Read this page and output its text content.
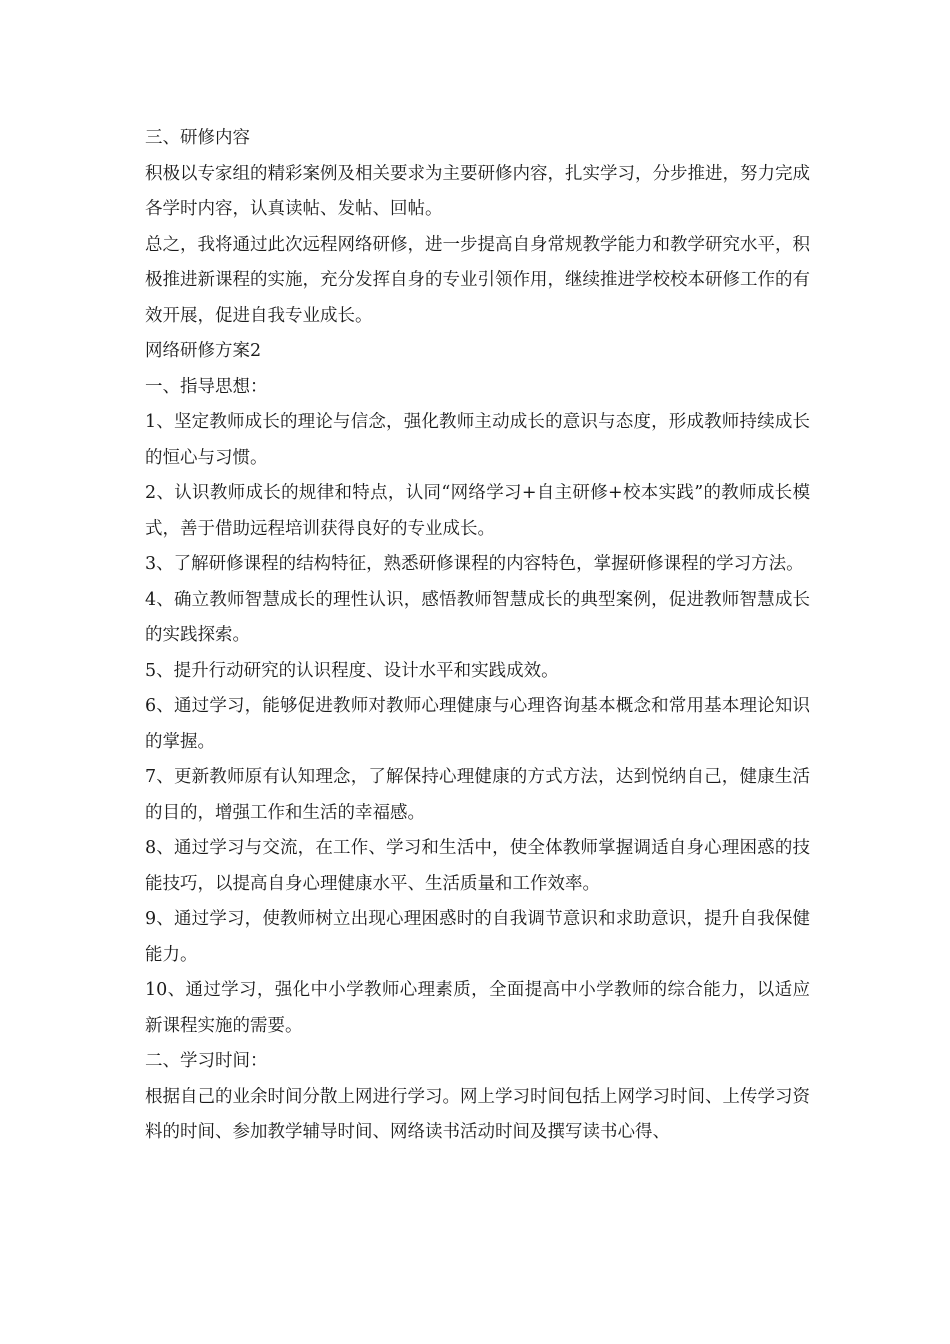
三、研修内容

积极以专家组的精彩案例及相关要求为主要研修内容，扎实学习，分步推进，努力完成各学时内容，认真读帖、发帖、回帖。

总之，我将通过此次远程网络研修，进一步提高自身常规教学能力和教学研究水平，积极推进新课程的实施，充分发挥自身的专业引领作用，继续推进学校校本研修工作的有效开展，促进自我专业成长。

网络研修方案2

一、指导思想：

1、坚定教师成长的理论与信念，强化教师主动成长的意识与态度，形成教师持续成长的恒心与习惯。

2、认识教师成长的规律和特点，认同“网络学习+自主研修+校本实践”的教师成长模式，善于借助远程培训获得良好的专业成长。

3、了解研修课程的结构特征，熟悉研修课程的内容特色，掌握研修课程的学习方法。

4、确立教师智慧成长的理性认识，感悟教师智慧成长的典型案例，促进教师智慧成长的实践探索。

5、提升行动研究的认识程度、设计水平和实践成效。

6、通过学习，能够促进教师对教师心理健康与心理咨询基本概念和常用基本理论知识的掌握。

7、更新教师原有认知理念，了解保持心理健康的方式方法，达到悦纳自己，健康生活的目的，增强工作和生活的幸福感。

8、通过学习与交流，在工作、学习和生活中，使全体教师掌握调适自身心理困惑的技能技巧，以提高自身心理健康水平、生活质量和工作效率。

9、通过学习，使教师树立出现心理困惑时的自我调节意识和求助意识，提升自我保健能力。

10、通过学习，强化中小学教师心理素质，全面提高中小学教师的综合能力，以适应新课程实施的需要。

二、学习时间：

根据自己的业余时间分散上网进行学习。网上学习时间包括上网学习时间、上传学习资料的时间、参加教学辅导时间、网络读书活动时间及撰写读书心得、
